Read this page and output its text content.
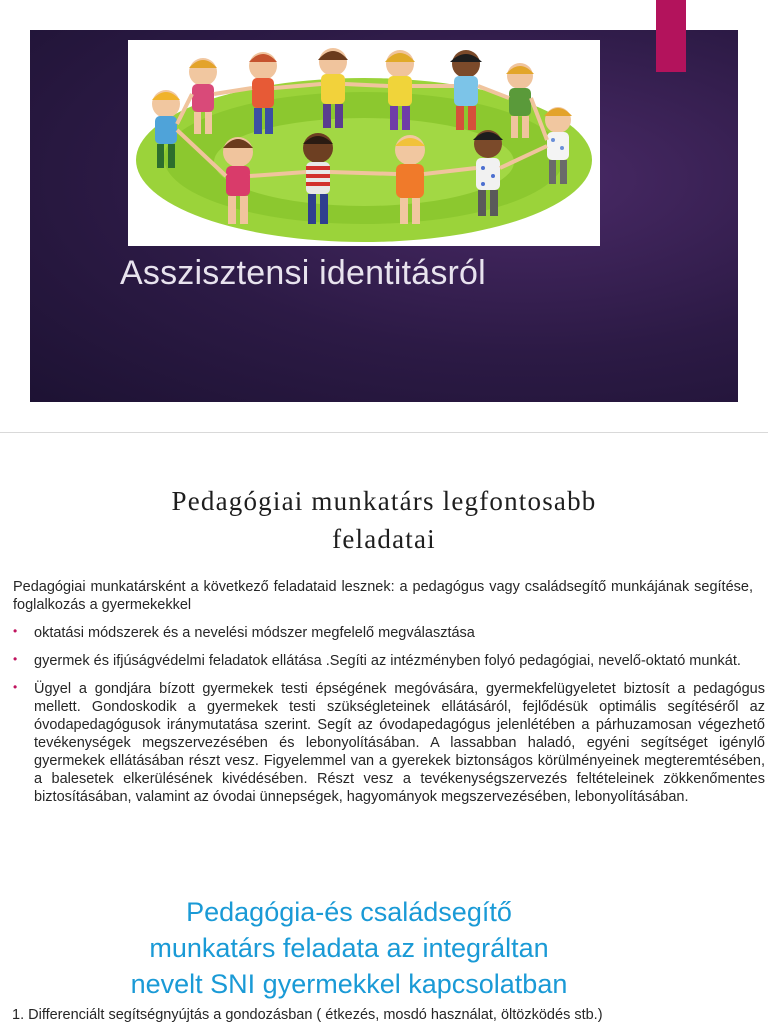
Asszisztensi identitásról
Pedagógiai munkatárs legfontosabb
feladatai

Pedagógiai munkatársként a következő feladataid lesznek: a pedagógus vagy családsegítő munkájának segítése, foglalkozás a gyermekekkel

• oktatási módszerek és a nevelési módszer megfelelő megválasztása
• gyermek és ifjúságvédelmi feladatok ellátása .Segíti az intézményben folyó pedagógiai, nevelő-oktató munkát.
• Ügyel a gondjára bízott gyermekek testi épségének megóvására, gyermekfelügyeletet biztosít a pedagógus mellett. Gondoskodik a gyermekek testi szükségleteinek ellátásáról, fejlődésük optimális segítéséről az óvodapedagógusok iránymutatása szerint. Segít az óvodapedagógus jelenlétében a párhuzamosan végezhető tevékenységek megszervezésében és lebonyolításában. A lassabban haladó, egyéni segítséget igénylő gyermekek ellátásában részt vesz. Figyelemmel van a gyerekek biztonságos körülményeinek megteremtésében, a balesetek elkerülésének kivédésében. Részt vesz a tevékenységszervezés feltételeinek zökkenőmentes biztosításában, valamint az óvodai ünnepségek, hagyományok megszervezésében, lebonyolításában.
Pedagógia-és családsegítő
munkatárs feladata az integráltan
nevelt SNI gyermekkel kapcsolatban
1. Differenciált segítségnyújtás a gondozásban ( étkezés, mosdó használat, öltözködés stb.)
